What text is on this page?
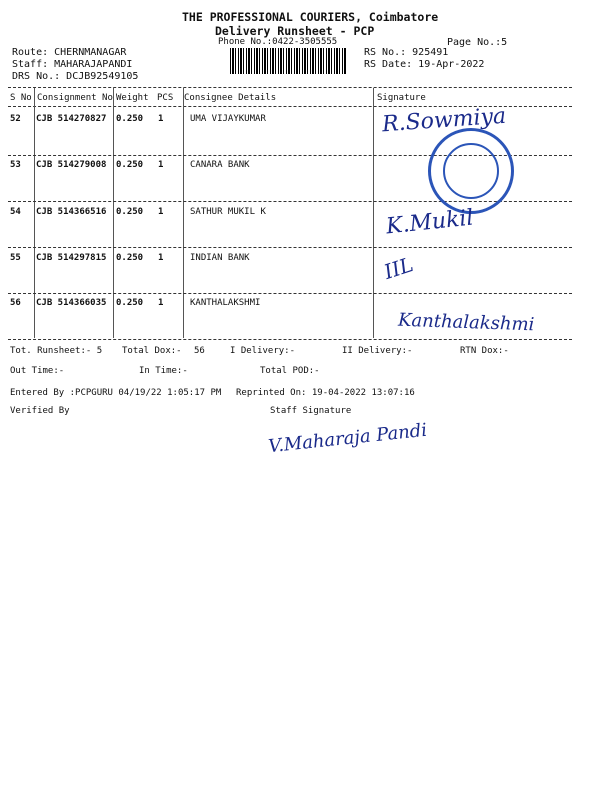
THE PROFESSIONAL COURIERS, Coimbatore
Delivery Runsheet - PCP
Phone No.:0422-3505555	Page No.:5
Route: CHERNMANAGAR
Staff: MAHARAJAPANDI
DRS No.: DCJB92549105
RS No.: 925491
RS Date: 19-Apr-2022
S No Consignment No Weight PCS Consignee Details	Signature
52 CJB 514270827 0.250 1	UMA VIJAYKUMAR
53 CJB 514279008 0.250 1	CANARA BANK
54 CJB 514366516 0.250 1	SATHUR MUKIL K
55 CJB 514297815 0.250 1	INDIAN BANK
56 CJB 514366035 0.250 1	KANTHALAKSHMI
R.Sowmiya
K.Mukil
IIL
Kanthalakshmi
Tot. Runsheet:- 5 Total Dox:- 56	I Delivery:-	II Delivery:-	RTN Dox:-
Out Time:-	In Time:-	Total POD:-
Entered By :PCPGURU 04/19/22 1:05:17 PM Reprinted On: 19-04-2022 13:07:16
Verified By	Staff Signature
V.Maharaja Pandi
